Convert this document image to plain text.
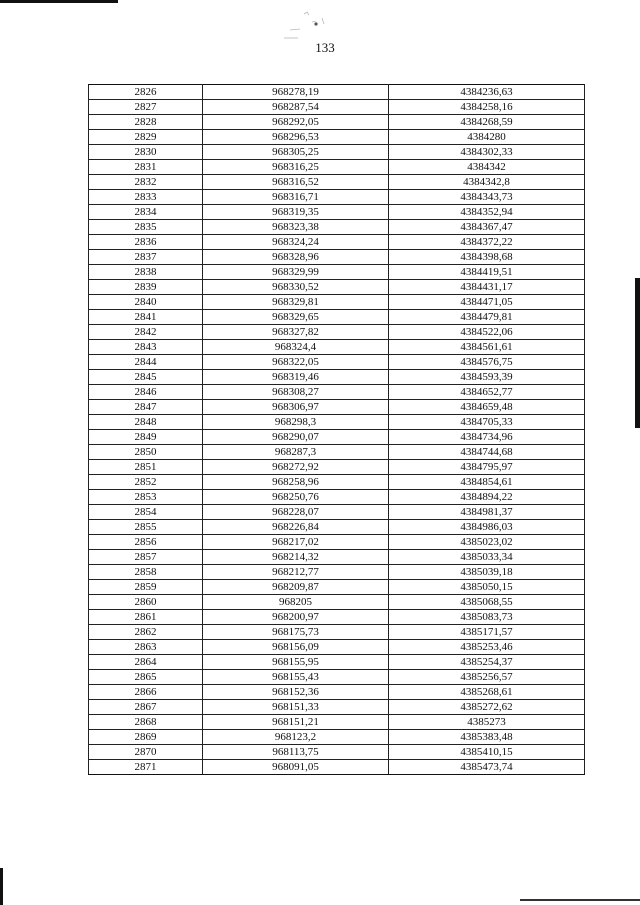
133
2826	968278,19	4384236,63
2827	968287,54	4384258,16
2828	968292,05	4384268,59
2829	968296,53	4384280
2830	968305,25	4384302,33
2831	968316,25	4384342
2832	968316,52	4384342,8
2833	968316,71	4384343,73
2834	968319,35	4384352,94
2835	968323,38	4384367,47
2836	968324,24	4384372,22
2837	968328,96	4384398,68
2838	968329,99	4384419,51
2839	968330,52	4384431,17
2840	968329,81	4384471,05
2841	968329,65	4384479,81
2842	968327,82	4384522,06
2843	968324,4	4384561,61
2844	968322,05	4384576,75
2845	968319,46	4384593,39
2846	968308,27	4384652,77
2847	968306,97	4384659,48
2848	968298,3	4384705,33
2849	968290,07	4384734,96
2850	968287,3	4384744,68
2851	968272,92	4384795,97
2852	968258,96	4384854,61
2853	968250,76	4384894,22
2854	968228,07	4384981,37
2855	968226,84	4384986,03
2856	968217,02	4385023,02
2857	968214,32	4385033,34
2858	968212,77	4385039,18
2859	968209,87	4385050,15
2860	968205	4385068,55
2861	968200,97	4385083,73
2862	968175,73	4385171,57
2863	968156,09	4385253,46
2864	968155,95	4385254,37
2865	968155,43	4385256,57
2866	968152,36	4385268,61
2867	968151,33	4385272,62
2868	968151,21	4385273
2869	968123,2	4385383,48
2870	968113,75	4385410,15
2871	968091,05	4385473,74
